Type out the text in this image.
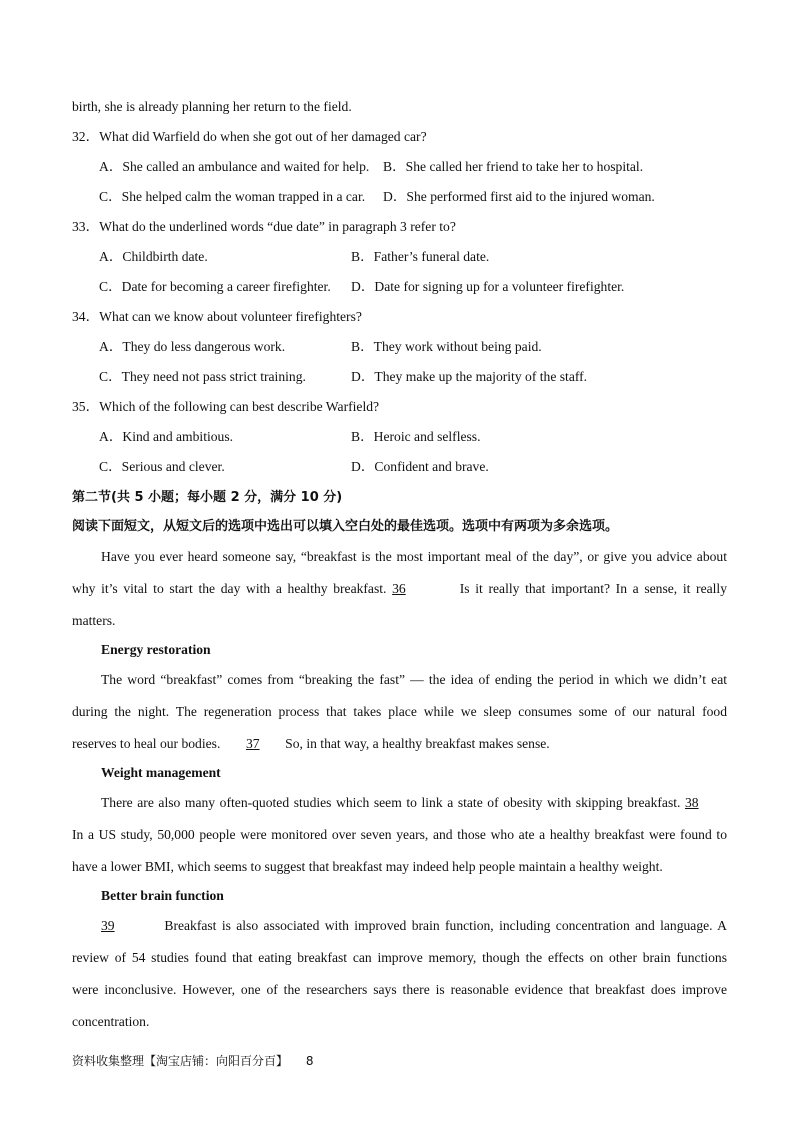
birth, she is already planning her return to the field.
32．What did Warfield do when she got out of her damaged car?
A．She called an ambulance and waited for help. B．She called her friend to take her to hospital.
C．She helped calm the woman trapped in a car. D．She performed first aid to the injured woman.
33．What do the underlined words “due date” in paragraph 3 refer to?
A．Childbirth date.	B．Father’s funeral date.
C．Date for becoming a career firefighter. D．Date for signing up for a volunteer firefighter.
34．What can we know about volunteer firefighters?
A．They do less dangerous work.	B．They work without being paid.
C．They need not pass strict training.	D．They make up the majority of the staff.
35．Which of the following can best describe Warfield?
A．Kind and ambitious.	B．Heroic and selfless.
C．Serious and clever.	D．Confident and brave.
第二节(共 5 小题；每小题 2 分，满分 10 分)
阅读下面短文，从短文后的选项中选出可以填入空白处的最佳选项。选项中有两项为多余选项。
Have you ever heard someone say, “breakfast is the most important meal of the day”, or give you advice about
why it’s vital to start the day with a healthy breakfast. 36	Is it really that important? In a sense, it really
matters.
Energy restoration
The word “breakfast” comes from “breaking the fast” — the idea of ending the period in which we didn’t eat
during the night. The regeneration process that takes place while we sleep consumes some of our natural food
reserves to heal our bodies. 37 So, in that way, a healthy breakfast makes sense.
Weight management
There are also many often-quoted studies which seem to link a state of obesity with skipping breakfast. 38
In a US study, 50,000 people were monitored over seven years, and those who ate a healthy breakfast were found to
have a lower BMI, which seems to suggest that breakfast may indeed help people maintain a healthy weight.
Better brain function
39	Breakfast is also associated with improved brain function, including concentration and language. A
review of 54 studies found that eating breakfast can improve memory, though the effects on other brain functions
were inconclusive. However, one of the researchers says there is reasonable evidence that breakfast does improve
concentration.
资料收集整理【淘宝店铺：向阳百分百】 8
